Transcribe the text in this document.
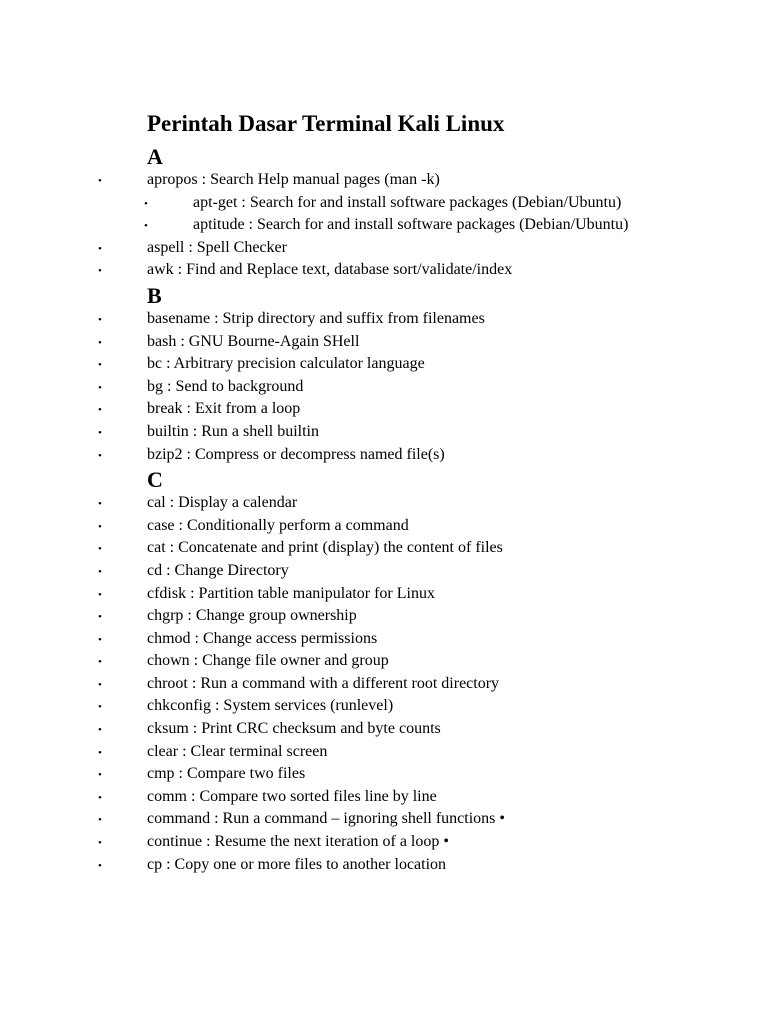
Perintah Dasar Terminal Kali Linux
A
•	apropos : Search Help manual pages (man -k)
•	apt-get : Search for and install software packages (Debian/Ubuntu)
•	aptitude : Search for and install software packages (Debian/Ubuntu)
•	aspell : Spell Checker
•	awk : Find and Replace text, database sort/validate/index
B
•	basename : Strip directory and suffix from filenames
•	bash : GNU Bourne-Again SHell
•	bc : Arbitrary precision calculator language
•	bg : Send to background
•	break : Exit from a loop
•	builtin : Run a shell builtin
•	bzip2 : Compress or decompress named file(s)
C
•	cal : Display a calendar
•	case : Conditionally perform a command
•	cat : Concatenate and print (display) the content of files
•	cd : Change Directory
•	cfdisk : Partition table manipulator for Linux
•	chgrp : Change group ownership
•	chmod : Change access permissions
•	chown : Change file owner and group
•	chroot : Run a command with a different root directory
•	chkconfig : System services (runlevel)
•	cksum : Print CRC checksum and byte counts
•	clear : Clear terminal screen
•	cmp : Compare two files
•	comm : Compare two sorted files line by line
•	command : Run a command – ignoring shell functions •
•	continue : Resume the next iteration of a loop •
•	cp : Copy one or more files to another location
